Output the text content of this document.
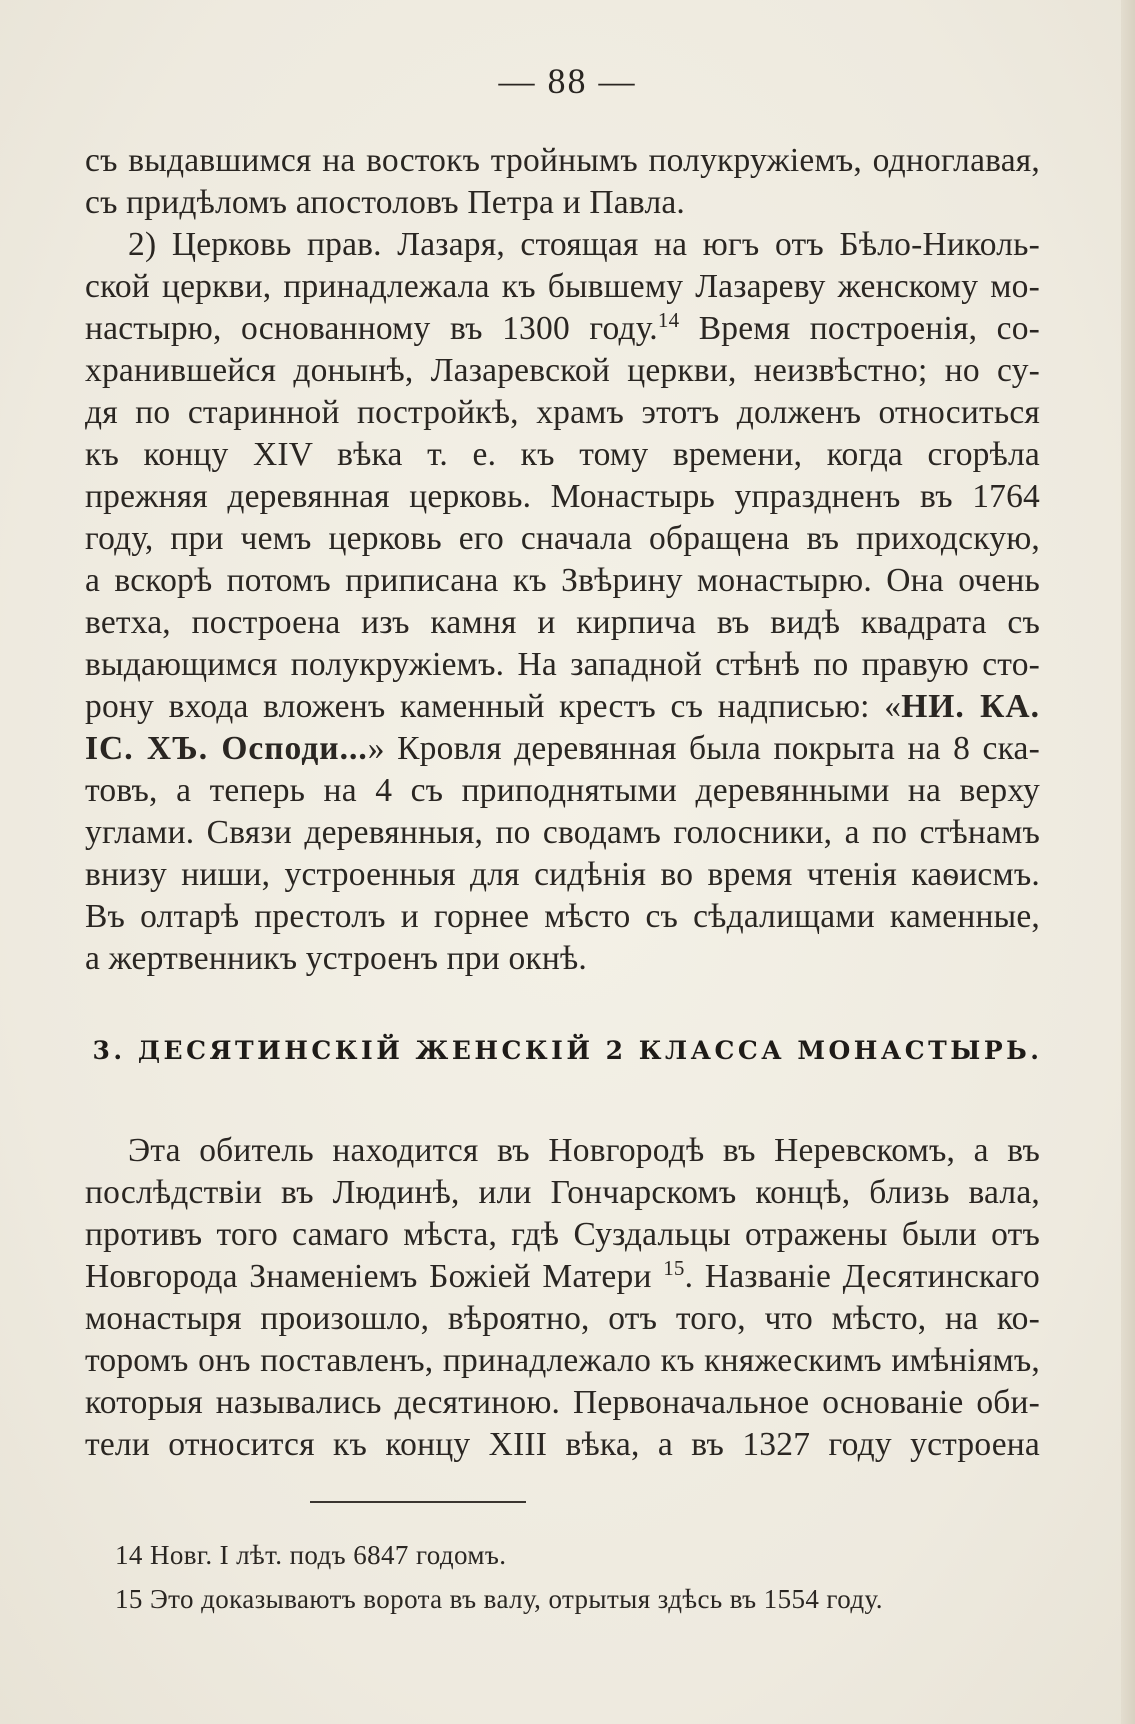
— 88 —
съ выдавшимся на востокъ тройнымъ полукружіемъ, одноглавая,
съ придѣломъ апостоловъ Петра и Павла.
2) Церковь прав. Лазаря, стоящая на югъ отъ Бѣло-Николь-
ской церкви, принадлежала къ бывшему Лазареву женскому мо-
настырю, основанному въ 1300 году.$^{14}$ Время построенія, со-
хранившейся донынѣ, Лазаревской церкви, неизвѣстно; но су-
дя по старинной постройкѣ, храмъ этотъ долженъ относиться
къ концу XIV вѣка т. е. къ тому времени, когда сгорѣла
прежняя деревянная церковь. Монастырь упраздненъ въ 1764
году, при чемъ церковь его сначала обращена въ приходскую,
а вскорѣ потомъ приписана къ Звѣрину монастырю. Она очень
ветха, построена изъ камня и кирпича въ видѣ квадрата съ
выдающимся полукружіемъ. На западной стѣнѣ по правую сто-
рону входа вложенъ каменный крестъ съ надписью: «НИ. КА.
ІС. ХЪ. Осподи...» Кровля деревянная была покрыта на 8 ска-
товъ, а теперь на 4 съ приподнятыми деревянными на верху
углами. Связи деревянныя, по сводамъ голосники, а по стѣнамъ
внизу ниши, устроенныя для сидѣнія во время чтенія каѳисмъ.
Въ олтарѣ престолъ и горнее мѣсто съ сѣдалищами каменные,
а жертвенникъ устроенъ при окнѣ.
3. ДЕСЯТИНСКІЙ ЖЕНСКІЙ 2 КЛАССА МОНАСТЫРЬ.
Эта обитель находится въ Новгородѣ въ Неревскомъ, а въ
послѣдствіи въ Людинѣ, или Гончарскомъ концѣ, близь вала,
противъ того самаго мѣста, гдѣ Суздальцы отражены были отъ
Новгорода Знаменіемъ Божіей Матери $^{15}$. Названіе Десятинскаго
монастыря произошло, вѣроятно, отъ того, что мѣсто, на ко-
торомъ онъ поставленъ, принадлежало къ княжескимъ имѣніямъ,
которыя назывались десятиною. Первоначальное основаніе оби-
тели относится къ концу XIII вѣка, а въ 1327 году устроена
14 Новг. I лѣт. подъ 6847 годомъ.
15 Это доказываютъ ворота въ валу, отрытыя здѣсь въ 1554 году.
